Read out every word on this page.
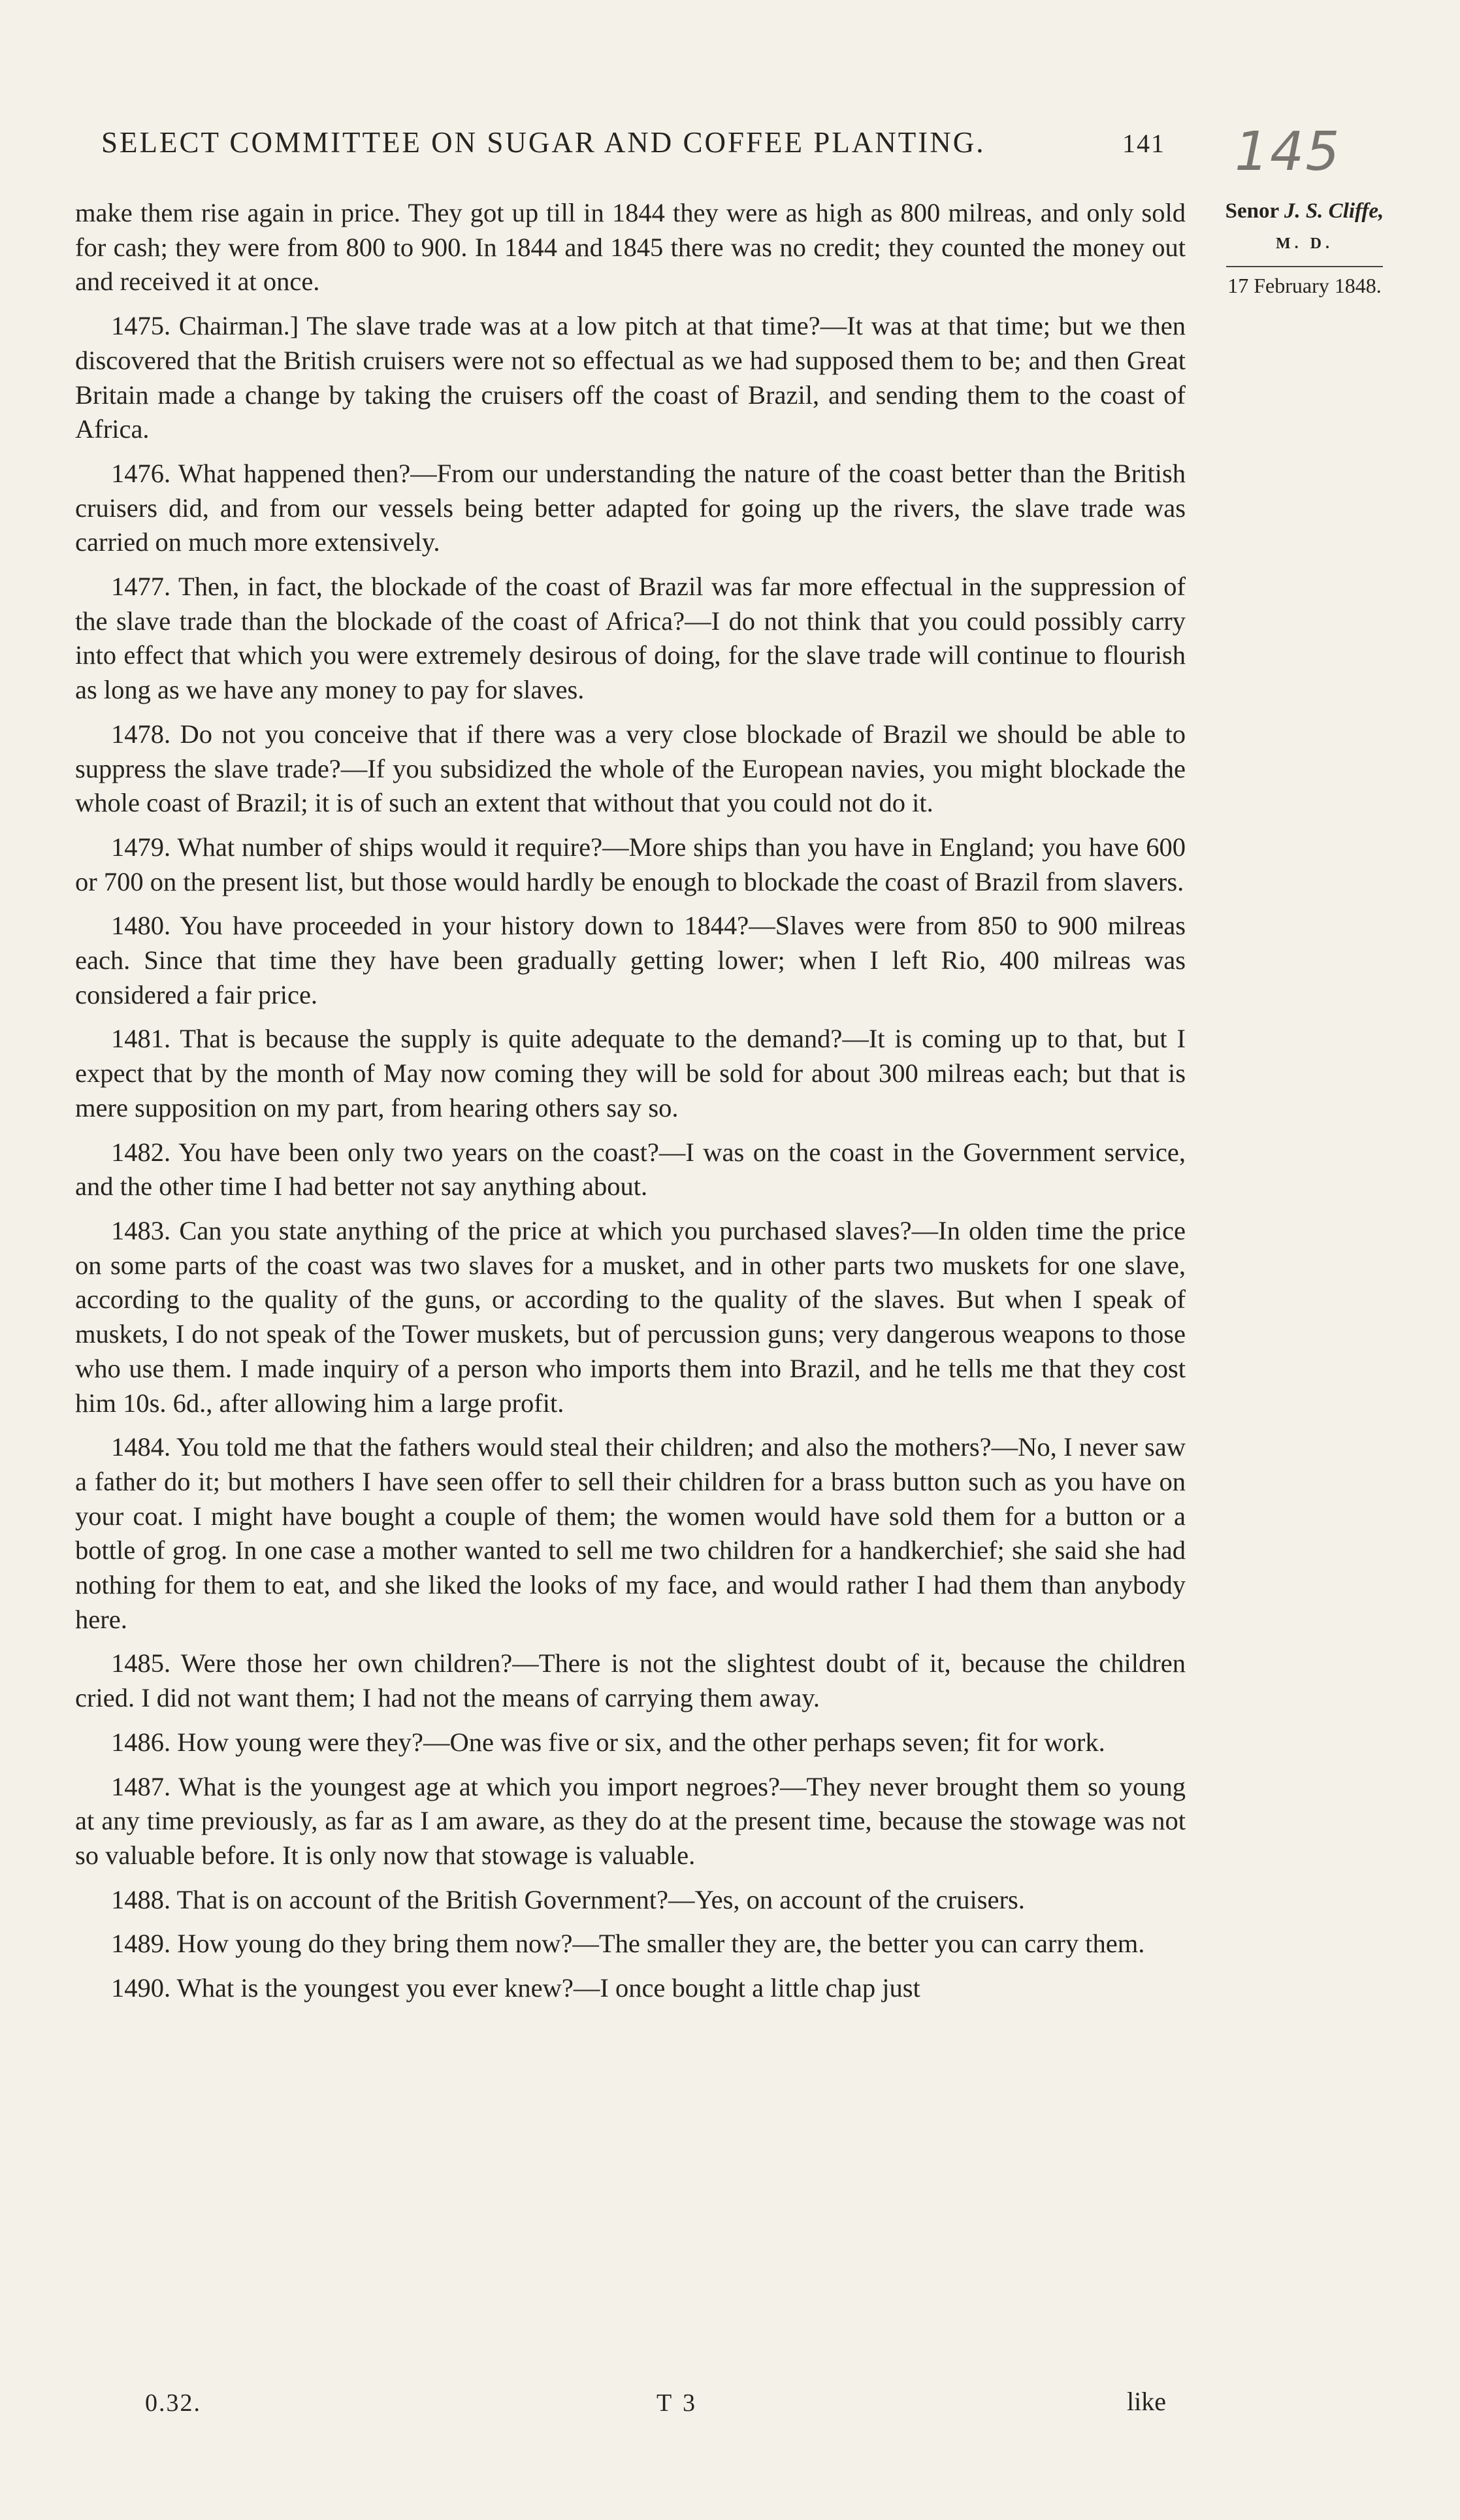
SELECT COMMITTEE ON SUGAR AND COFFEE PLANTING.	141 145
Senor J. S. Cliffe,
M. D.
17 February 1848.

make them rise again in price. They got up till in 1844 they were as high as 800 milreas, and only sold for cash; they were from 800 to 900. In 1844 and 1845 there was no credit; they counted the money out and received it at once.

1475. Chairman.] The slave trade was at a low pitch at that time?—It was at that time; but we then discovered that the British cruisers were not so effectual as we had supposed them to be; and then Great Britain made a change by taking the cruisers off the coast of Brazil, and sending them to the coast of Africa.

1476. What happened then?—From our understanding the nature of the coast better than the British cruisers did, and from our vessels being better adapted for going up the rivers, the slave trade was carried on much more extensively.

1477. Then, in fact, the blockade of the coast of Brazil was far more effectual in the suppression of the slave trade than the blockade of the coast of Africa?—I do not think that you could possibly carry into effect that which you were extremely desirous of doing, for the slave trade will continue to flourish as long as we have any money to pay for slaves.

1478. Do not you conceive that if there was a very close blockade of Brazil we should be able to suppress the slave trade?—If you subsidized the whole of the European navies, you might blockade the whole coast of Brazil; it is of such an extent that without that you could not do it.

1479. What number of ships would it require?—More ships than you have in England; you have 600 or 700 on the present list, but those would hardly be enough to blockade the coast of Brazil from slavers.

1480. You have proceeded in your history down to 1844?—Slaves were from 850 to 900 milreas each. Since that time they have been gradually getting lower; when I left Rio, 400 milreas was considered a fair price.

1481. That is because the supply is quite adequate to the demand?—It is coming up to that, but I expect that by the month of May now coming they will be sold for about 300 milreas each; but that is mere supposition on my part, from hearing others say so.

1482. You have been only two years on the coast?—I was on the coast in the Government service, and the other time I had better not say anything about.

1483. Can you state anything of the price at which you purchased slaves?—In olden time the price on some parts of the coast was two slaves for a musket, and in other parts two muskets for one slave, according to the quality of the guns, or according to the quality of the slaves. But when I speak of muskets, I do not speak of the Tower muskets, but of percussion guns; very dangerous weapons to those who use them. I made inquiry of a person who imports them into Brazil, and he tells me that they cost him 10s. 6d., after allowing him a large profit.

1484. You told me that the fathers would steal their children; and also the mothers?—No, I never saw a father do it; but mothers I have seen offer to sell their children for a brass button such as you have on your coat. I might have bought a couple of them; the women would have sold them for a button or a bottle of grog. In one case a mother wanted to sell me two children for a handkerchief; she said she had nothing for them to eat, and she liked the looks of my face, and would rather I had them than anybody here.

1485. Were those her own children?—There is not the slightest doubt of it, because the children cried. I did not want them; I had not the means of carrying them away.

1486. How young were they?—One was five or six, and the other perhaps seven; fit for work.

1487. What is the youngest age at which you import negroes?—They never brought them so young at any time previously, as far as I am aware, as they do at the present time, because the stowage was not so valuable before. It is only now that stowage is valuable.

1488. That is on account of the British Government?—Yes, on account of the cruisers.

1489. How young do they bring them now?—The smaller they are, the better you can carry them.

1490. What is the youngest you ever knew?—I once bought a little chap just

0.32.	T 3	like
